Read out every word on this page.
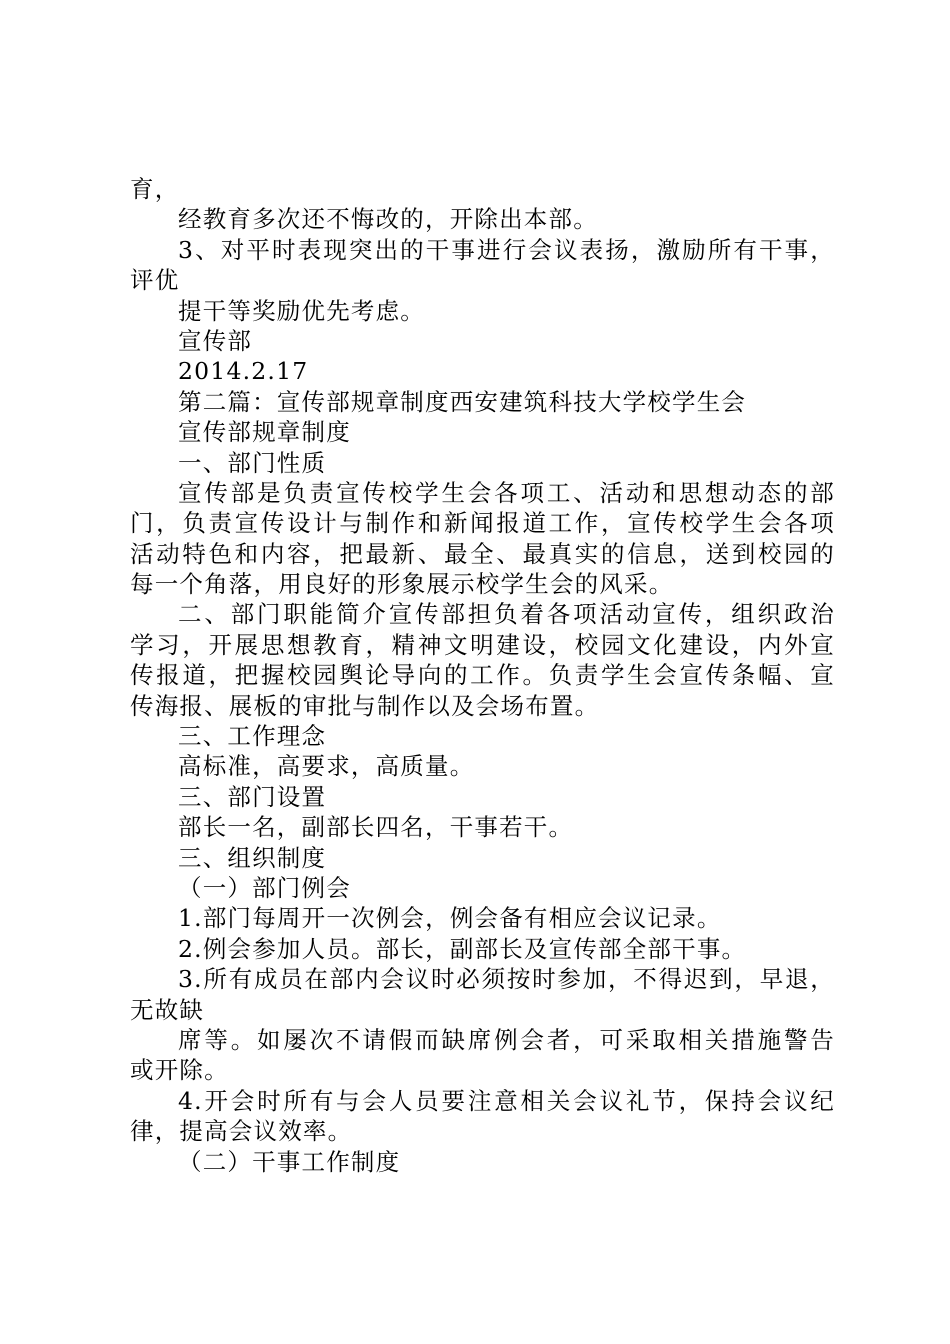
育，
经教育多次还不悔改的，开除出本部。
3、对平时表现突出的干事进行会议表扬，激励所有干事，
评优
提干等奖励优先考虑。
宣传部
2014.2.17
第二篇：宣传部规章制度西安建筑科技大学校学生会
宣传部规章制度
一、部门性质
宣传部是负责宣传校学生会各项工、活动和思想动态的部
门，负责宣传设计与制作和新闻报道工作，宣传校学生会各项
活动特色和内容，把最新、最全、最真实的信息，送到校园的
每一个角落，用良好的形象展示校学生会的风采。
二、部门职能简介宣传部担负着各项活动宣传，组织政治
学习，开展思想教育，精神文明建设，校园文化建设，内外宣
传报道，把握校园舆论导向的工作。负责学生会宣传条幅、宣
传海报、展板的审批与制作以及会场布置。
三、工作理念
高标准，高要求，高质量。
三、部门设置
部长一名，副部长四名，干事若干。
三、组织制度
（一）部门例会
1.部门每周开一次例会，例会备有相应会议记录。
2.例会参加人员。部长，副部长及宣传部全部干事。
3.所有成员在部内会议时必须按时参加，不得迟到，早退，
无故缺
席等。如屡次不请假而缺席例会者，可采取相关措施警告
或开除。
4.开会时所有与会人员要注意相关会议礼节，保持会议纪
律，提高会议效率。
（二）干事工作制度
